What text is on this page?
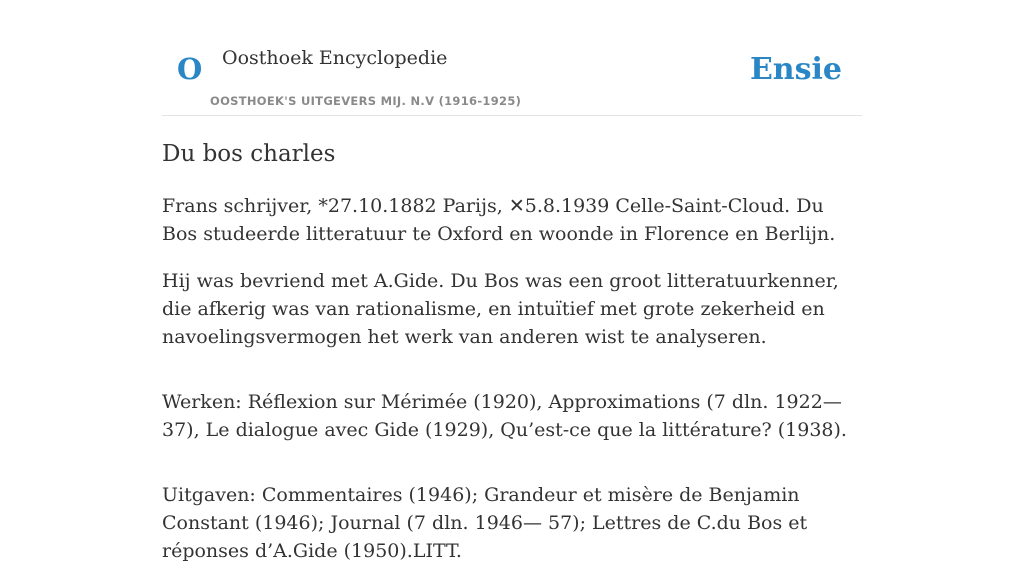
O Oosthoek Encyclopedie
OOSTHOEK'S UITGEVERS MIJ. N.V (1916-1925)
Ensie
Du bos charles

Frans schrijver, *27.10.1882 Parijs, ✕5.8.1939 Celle-Saint-Cloud. Du Bos studeerde litteratuur te Oxford en woonde in Florence en Berlijn.

Hij was bevriend met A.Gide. Du Bos was een groot litteratuurkenner, die afkerig was van rationalisme, en intuïtief met grote zekerheid en navoelingsvermogen het werk van anderen wist te analyseren.

Werken: Réflexion sur Mérimée (1920), Approximations (7 dln. 1922—37), Le dialogue avec Gide (1929), Qu’est-ce que la littérature? (1938).

Uitgaven: Commentaires (1946); Grandeur et misère de Benjamin Constant (1946); Journal (7 dln. 1946— 57); Lettres de C.du Bos et réponses d’A.Gide (1950).LITT.
